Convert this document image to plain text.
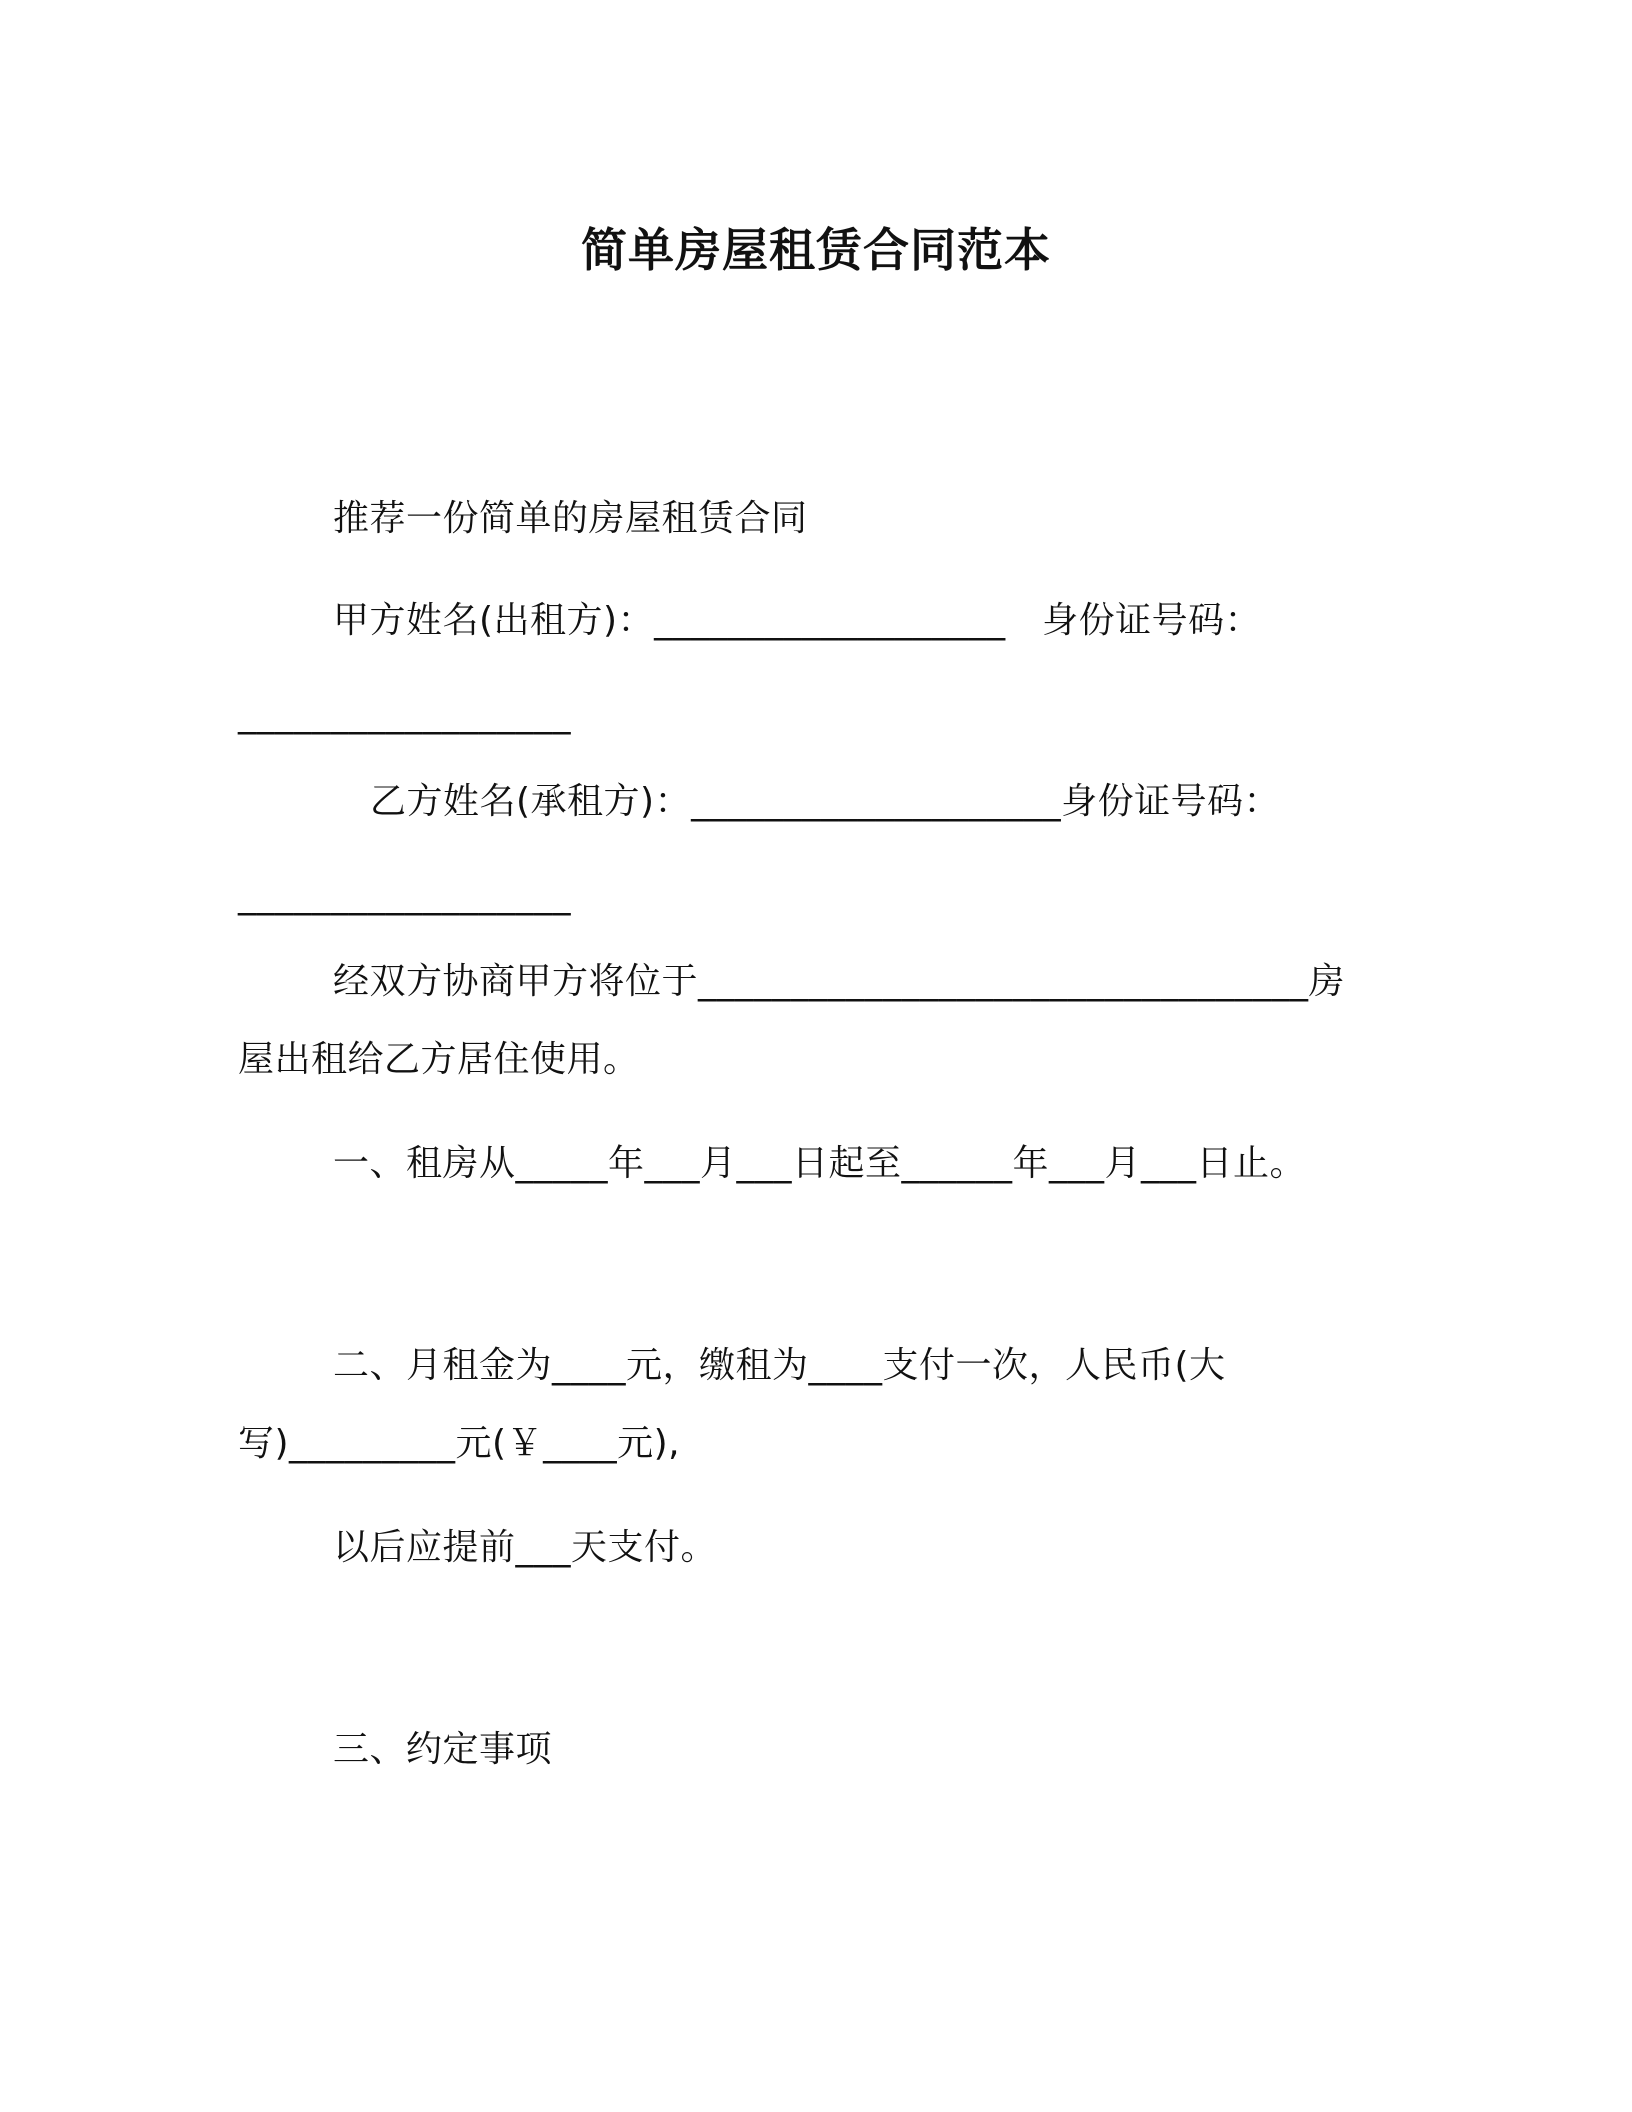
简单房屋租赁合同范本
推荐一份简单的房屋租赁合同
甲方姓名(出租方)：___________________　身份证号码：
__________________
乙方姓名(承租方)：____________________身份证号码：
__________________
经双方协商甲方将位于_________________________________房
屋出租给乙方居住使用。
一、租房从_____年___月___日起至______年___月___日止。
二、月租金为____元，缴租为____支付一次，人民币(大
写)_________元(￥____元),
以后应提前___天支付。
三、约定事项
